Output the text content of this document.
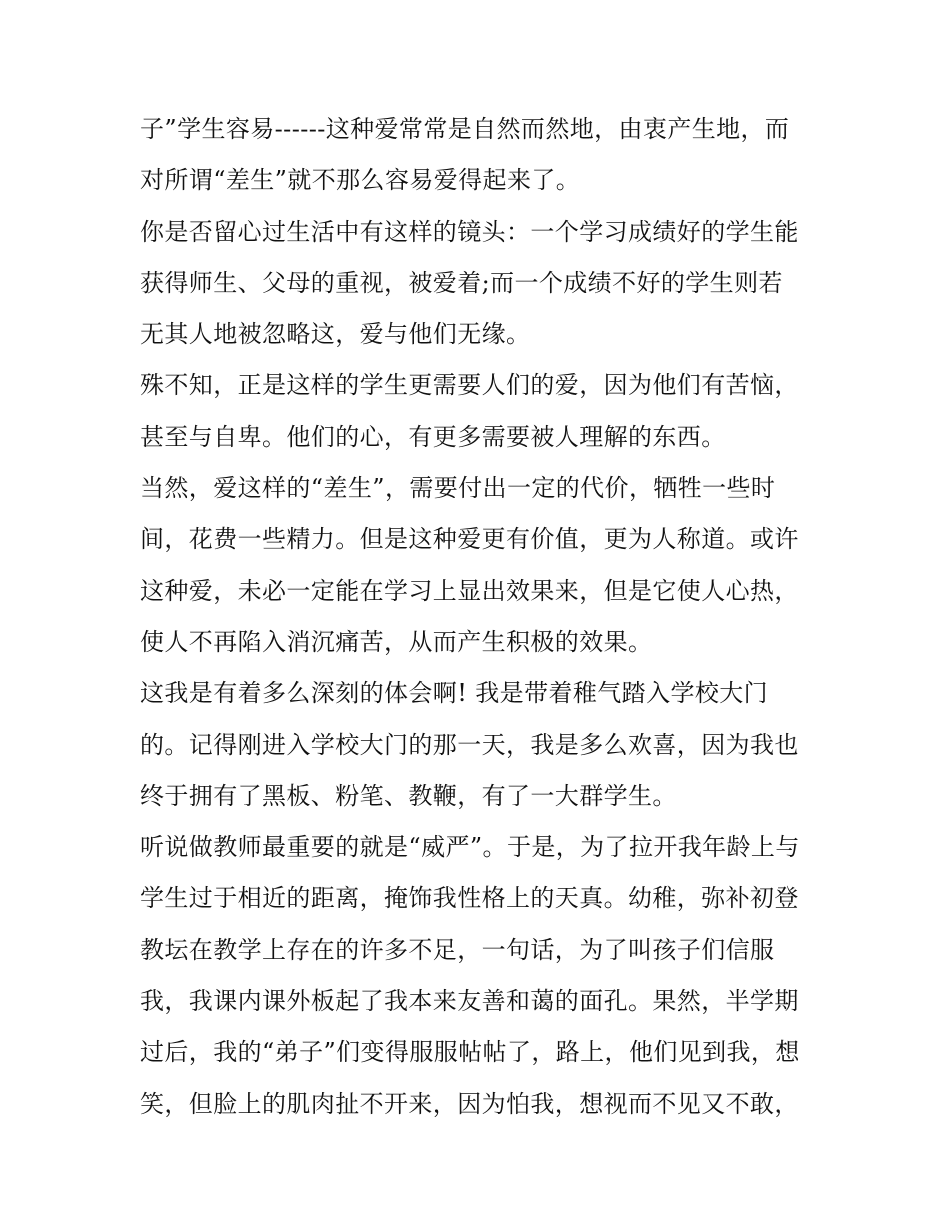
子”学生容易------这种爱常常是自然而然地，由衷产生地，而
对所谓“差生”就不那么容易爱得起来了。
你是否留心过生活中有这样的镜头：一个学习成绩好的学生能
获得师生、父母的重视，被爱着;而一个成绩不好的学生则若
无其人地被忽略这，爱与他们无缘。
殊不知，正是这样的学生更需要人们的爱，因为他们有苦恼，
甚至与自卑。他们的心，有更多需要被人理解的东西。
当然，爱这样的“差生”，需要付出一定的代价，牺牲一些时
间，花费一些精力。但是这种爱更有价值，更为人称道。或许
这种爱，未必一定能在学习上显出效果来，但是它使人心热，
使人不再陷入消沉痛苦，从而产生积极的效果。
这我是有着多么深刻的体会啊! 我是带着稚气踏入学校大门
的。记得刚进入学校大门的那一天，我是多么欢喜，因为我也
终于拥有了黑板、粉笔、教鞭，有了一大群学生。
听说做教师最重要的就是“威严”。于是，为了拉开我年龄上与
学生过于相近的距离，掩饰我性格上的天真。幼稚，弥补初登
教坛在教学上存在的许多不足，一句话，为了叫孩子们信服
我，我课内课外板起了我本来友善和蔼的面孔。果然，半学期
过后，我的“弟子”们变得服服帖帖了，路上，他们见到我，想
笑，但脸上的肌肉扯不开来，因为怕我，想视而不见又不敢，
